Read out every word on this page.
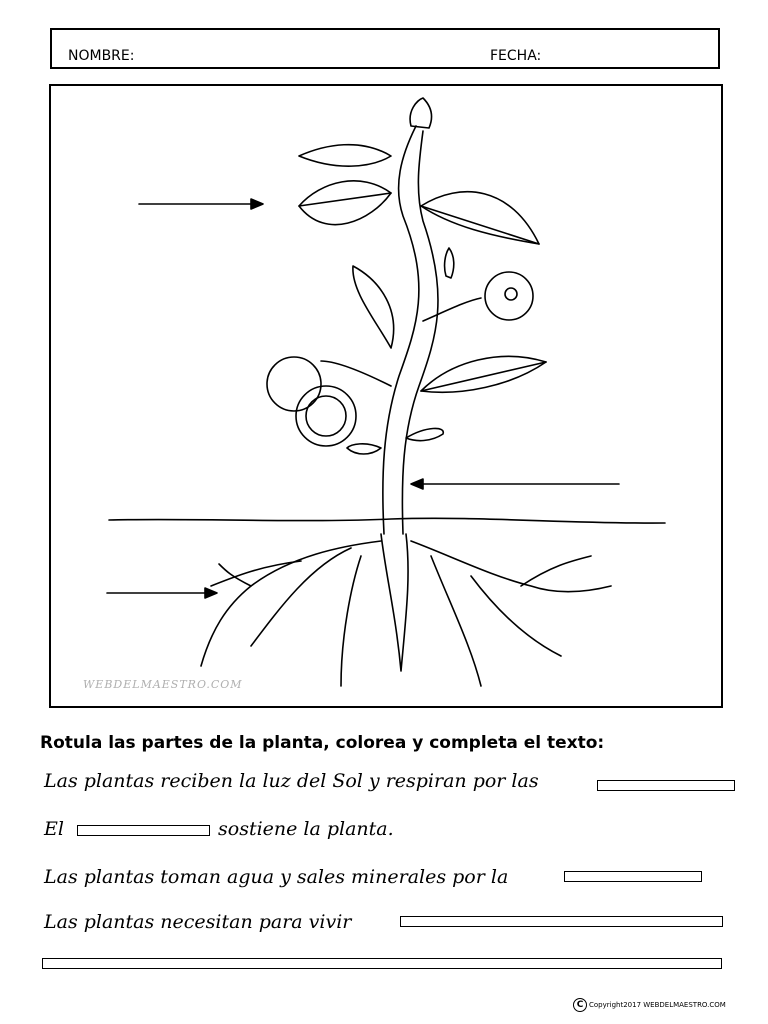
NOMBRE:	FECHA:
WEBDELMAESTRO.COM
Rotula las partes de la planta, colorea y completa el texto:
Las plantas reciben la luz del Sol y respiran por las
El	sostiene la planta.
Las plantas toman agua y sales minerales por la
Las plantas necesitan para vivir
C Copyright2017 WEBDELMAESTRO.COM
